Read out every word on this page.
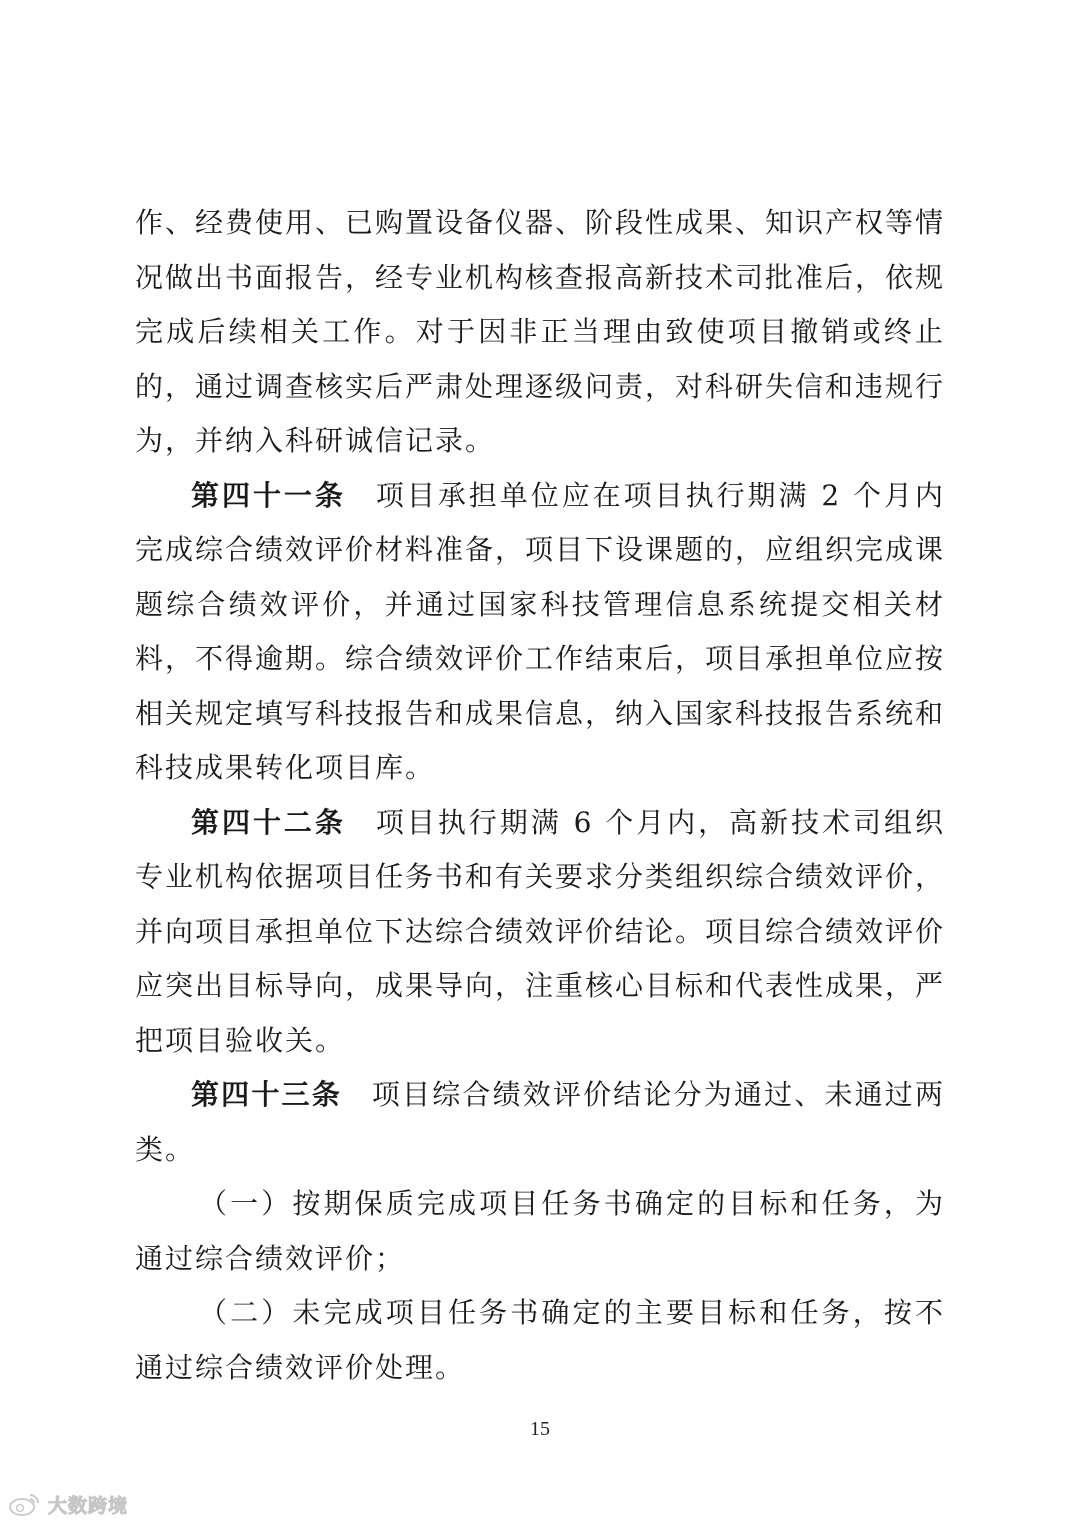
作、经费使用、已购置设备仪器、阶段性成果、知识产权等情况做出书面报告，经专业机构核查报高新技术司批准后，依规完成后续相关工作。对于因非正当理由致使项目撤销或终止的，通过调查核实后严肃处理逐级问责，对科研失信和违规行为，并纳入科研诚信记录。

第四十一条 项目承担单位应在项目执行期满 2 个月内完成综合绩效评价材料准备，项目下设课题的，应组织完成课题综合绩效评价，并通过国家科技管理信息系统提交相关材料，不得逾期。综合绩效评价工作结束后，项目承担单位应按相关规定填写科技报告和成果信息，纳入国家科技报告系统和科技成果转化项目库。

第四十二条 项目执行期满 6 个月内，高新技术司组织专业机构依据项目任务书和有关要求分类组织综合绩效评价，并向项目承担单位下达综合绩效评价结论。项目综合绩效评价应突出目标导向，成果导向，注重核心目标和代表性成果，严把项目验收关。

第四十三条 项目综合绩效评价结论分为通过、未通过两类。

（一）按期保质完成项目任务书确定的目标和任务，为通过综合绩效评价；

（二）未完成项目任务书确定的主要目标和任务，按不通过综合绩效评价处理。

15
大数跨境
